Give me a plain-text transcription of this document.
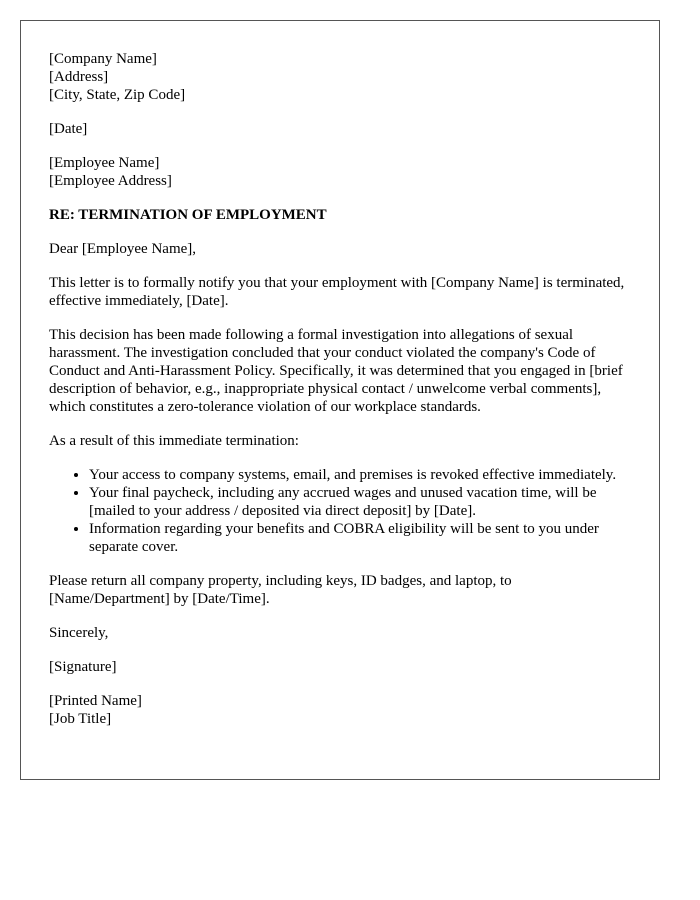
[Company Name]
[Address]
[City, State, Zip Code]
[Date]
[Employee Name]
[Employee Address]
RE: TERMINATION OF EMPLOYMENT

Dear [Employee Name],

This letter is to formally notify you that your employment with [Company Name] is terminated, effective immediately, [Date].

This decision has been made following a formal investigation into allegations of sexual harassment. The investigation concluded that your conduct violated the company's Code of Conduct and Anti-Harassment Policy. Specifically, it was determined that you engaged in [brief description of behavior, e.g., inappropriate physical contact / unwelcome verbal comments], which constitutes a zero-tolerance violation of our workplace standards.

As a result of this immediate termination:

• Your access to company systems, email, and premises is revoked effective immediately.
• Your final paycheck, including any accrued wages and unused vacation time, will be [mailed to your address / deposited via direct deposit] by [Date].
• Information regarding your benefits and COBRA eligibility will be sent to you under separate cover.

Please return all company property, including keys, ID badges, and laptop, to [Name/Department] by [Date/Time].

Sincerely,

[Signature]

[Printed Name]
[Job Title]
